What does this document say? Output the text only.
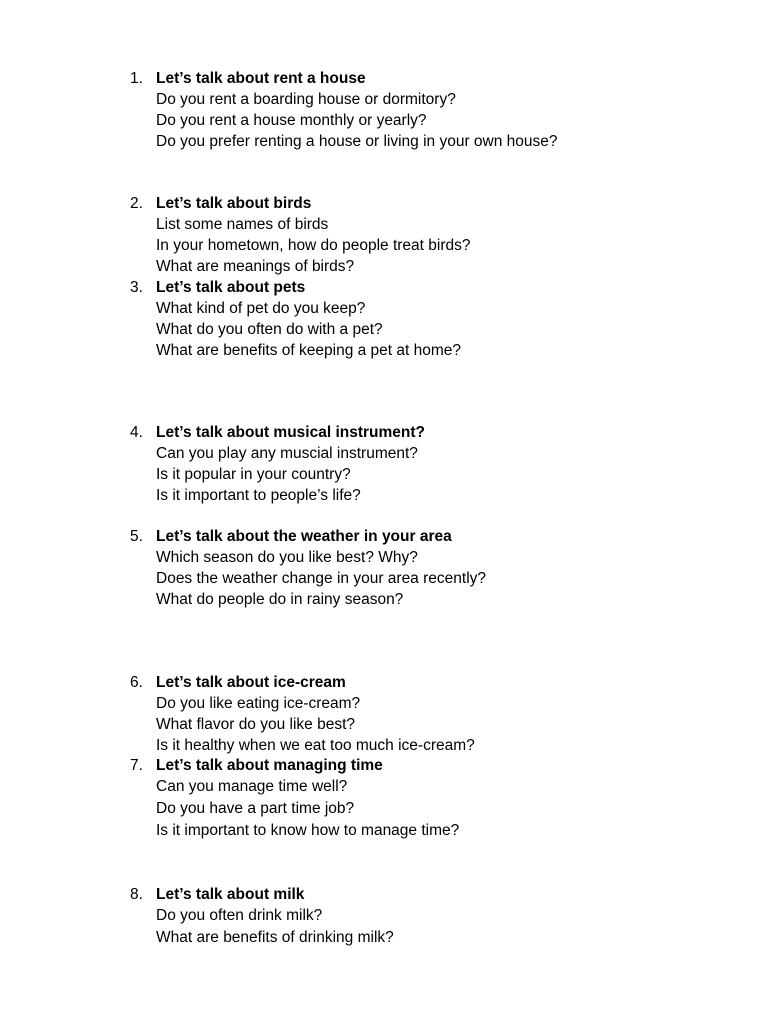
1. Let’s talk about rent a house
Do you rent a boarding house or dormitory?
Do you rent a house monthly or yearly?
Do you prefer renting a house or living in your own house?
2. Let’s talk about birds
List some names of birds
In your hometown, how do people treat birds?
What are meanings of birds?
3. Let’s talk about pets
What kind of pet do you keep?
What do you often do with a pet?
What are benefits of keeping a pet at home?
4. Let’s talk about musical instrument?
Can you play any muscial instrument?
Is it popular in your country?
Is it important to people’s life?
5. Let’s talk about the weather in your area
Which season do you like best? Why?
Does the weather change in your area recently?
What do people do in rainy season?
6. Let’s talk about ice-cream
Do you like eating ice-cream?
What flavor do you like best?
Is it healthy when we eat too much ice-cream?
7. Let’s talk about managing time
Can you manage time well?
Do you have a part time job?
Is it important to know how to manage time?
8. Let’s talk about milk
Do you often drink milk?
What are benefits of drinking milk?
